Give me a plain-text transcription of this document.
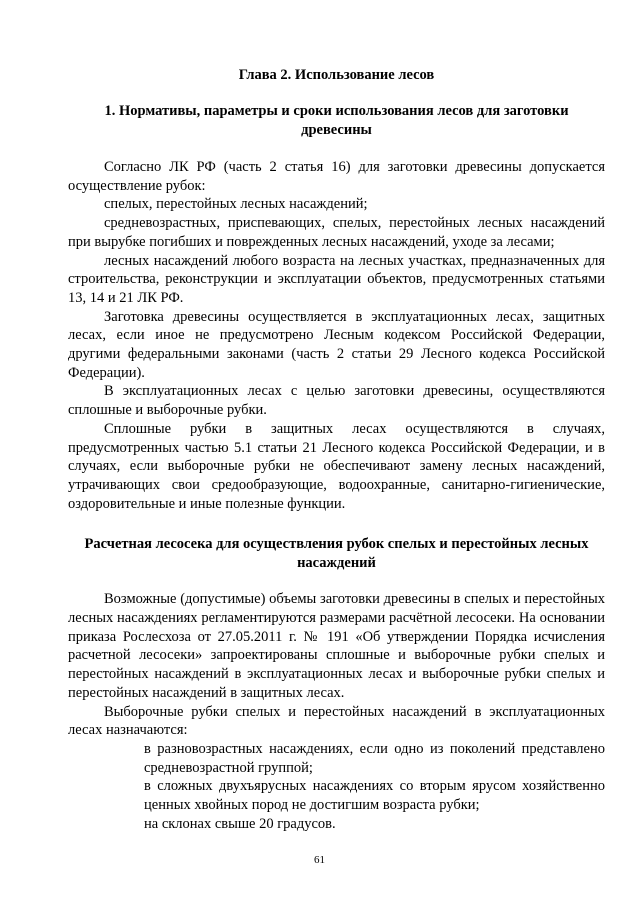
Глава 2. Использование лесов
1. Нормативы, параметры и сроки использования лесов для заготовки древесины

Согласно ЛК РФ (часть 2 статья 16) для заготовки древесины допускается осуществление рубок:

спелых, перестойных лесных насаждений;

средневозрастных, приспевающих, спелых, перестойных лесных насаждений при вырубке погибших и поврежденных лесных насаждений, уходе за лесами;

лесных насаждений любого возраста на лесных участках, предназначенных для строительства, реконструкции и эксплуатации объектов, предусмотренных статьями 13, 14 и 21 ЛК РФ.

Заготовка древесины осуществляется в эксплуатационных лесах, защитных лесах, если иное не предусмотрено Лесным кодексом Российской Федерации, другими федеральными законами (часть 2 статьи 29 Лесного кодекса Российской Федерации).

В эксплуатационных лесах с целью заготовки древесины, осуществляются сплошные и выборочные рубки.

Сплошные рубки в защитных лесах осуществляются в случаях, предусмотренных частью 5.1 статьи 21 Лесного кодекса Российской Федерации, и в случаях, если выборочные рубки не обеспечивают замену лесных насаждений, утрачивающих свои средообразующие, водоохранные, санитарно-гигиенические, оздоровительные и иные полезные функции.

Расчетная лесосека для осуществления рубок спелых и перестойных лесных насаждений

Возможные (допустимые) объемы заготовки древесины в спелых и перестойных лесных насаждениях регламентируются размерами расчётной лесосеки. На основании приказа Рослесхоза от 27.05.2011 г. № 191 «Об утверждении Порядка исчисления расчетной лесосеки» запроектированы сплошные и выборочные рубки спелых и перестойных насаждений в эксплуатационных лесах и выборочные рубки спелых и перестойных насаждений в защитных лесах.

Выборочные рубки спелых и перестойных насаждений в эксплуатационных лесах назначаются:

в разновозрастных насаждениях, если одно из поколений представлено средневозрастной группой;
в сложных двухъярусных насаждениях со вторым ярусом хозяйственно ценных хвойных пород не достигшим возраста рубки;
на склонах свыше 20 градусов.
61
